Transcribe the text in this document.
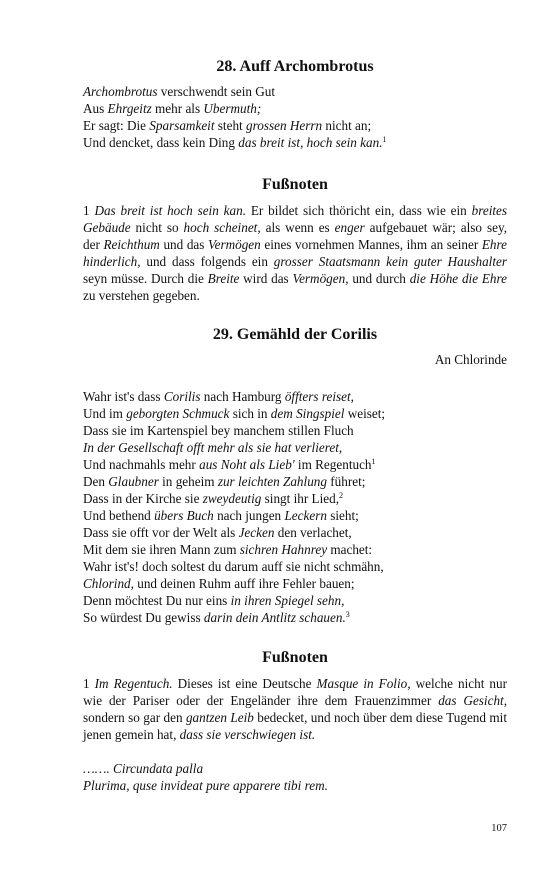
28. Auff Archombrotus
Archombrotus verschwendt sein Gut
Aus Ehrgeitz mehr als Ubermuth;
Er sagt: Die Sparsamkeit steht grossen Herrn nicht an;
Und dencket, dass kein Ding das breit ist, hoch sein kan.$^1$
Fußnoten
1 Das breit ist hoch sein kan. Er bildet sich thöricht ein, dass wie ein breites Gebäude nicht so hoch scheinet, als wenn es enger aufgebauet wär; also sey, der Reichthum und das Vermögen eines vornehmen Mannes, ihm an seiner Ehre hinderlich, und dass folgends ein grosser Staatsmann kein guter Haushalter seyn müsse. Durch die Breite wird das Vermögen, und durch die Höhe die Ehre zu verstehen gegeben.
29. Gemähld der Corilis
An Chlorinde
Wahr ist's dass Corilis nach Hamburg öffters reiset,
Und im geborgten Schmuck sich in dem Singspiel weiset;
Dass sie im Kartenspiel bey manchem stillen Fluch
In der Gesellschaft offt mehr als sie hat verlieret,
Und nachmahls mehr aus Noht als Lieb' im Regentuch$^1$
Den Glaubner in geheim zur leichten Zahlung führet;
Dass in der Kirche sie zweydeutig singt ihr Lied,$^2$
Und bethend übers Buch nach jungen Leckern sieht;
Dass sie offt vor der Welt als Jecken den verlachet,
Mit dem sie ihren Mann zum sichren Hahnrey machet:
Wahr ist's! doch soltest du darum auff sie nicht schmähn,
Chlorind, und deinen Ruhm auff ihre Fehler bauen;
Denn möchtest Du nur eins in ihren Spiegel sehn,
So würdest Du gewiss darin dein Antlitz schauen.$^3$
Fußnoten
1 Im Regentuch. Dieses ist eine Deutsche Masque in Folio, welche nicht nur wie der Pariser oder der Engeländer ihre dem Frauenzimmer das Gesicht, sondern so gar den gantzen Leib bedecket, und noch über dem diese Tugend mit jenen gemein hat, dass sie verschwiegen ist.
……. Circundata palla
Plurima, quse invideat pure apparere tibi rem.
107
